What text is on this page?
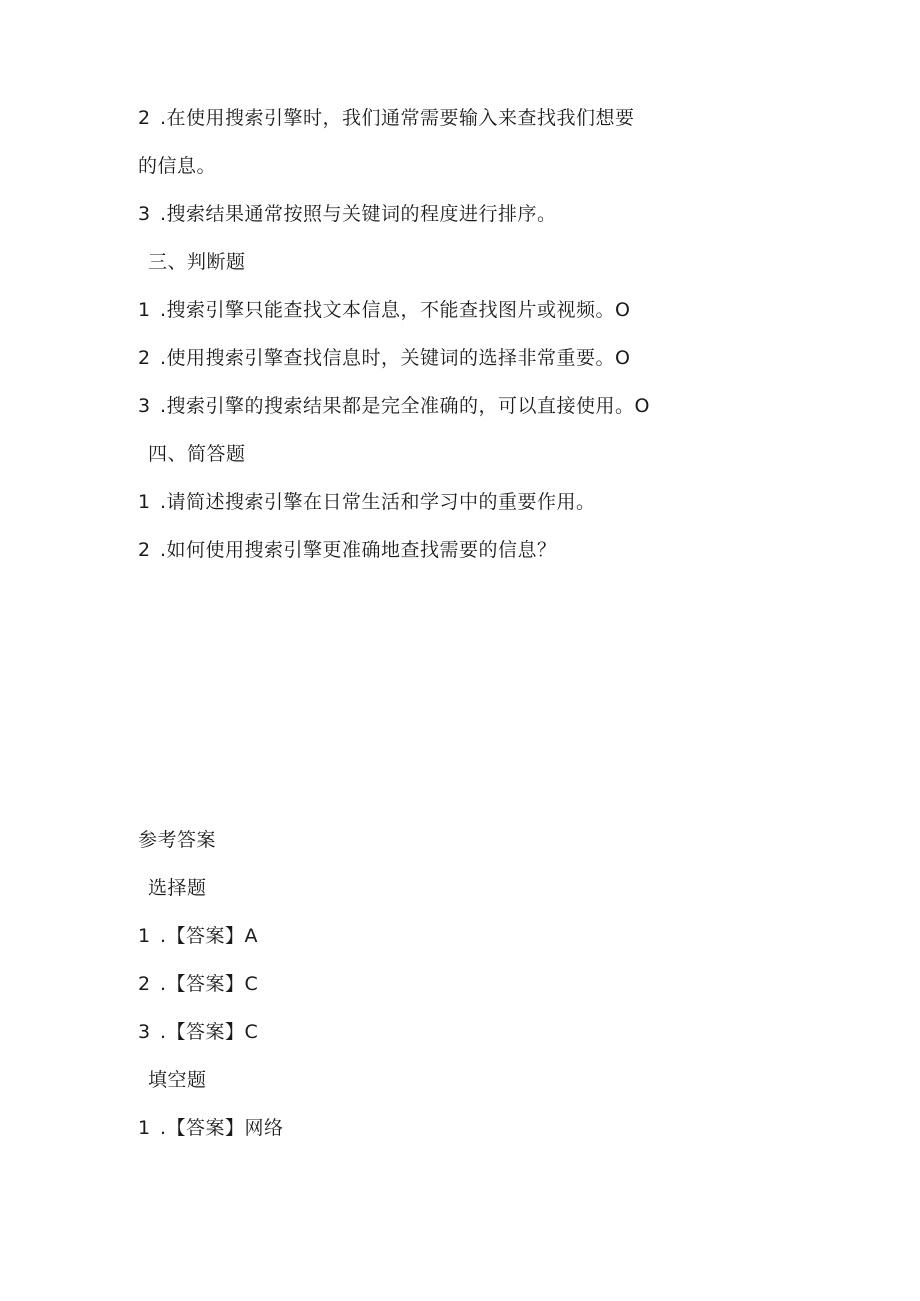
2 .在使用搜索引擎时，我们通常需要输入来查找我们想要
的信息。
3 .搜索结果通常按照与关键词的程度进行排序。
三、判断题
1 .搜索引擎只能查找文本信息，不能查找图片或视频。O
2 .使用搜索引擎查找信息时，关键词的选择非常重要。O
3 .搜索引擎的搜索结果都是完全准确的，可以直接使用。O
四、简答题
1 .请简述搜索引擎在日常生活和学习中的重要作用。
2 .如何使用搜索引擎更准确地查找需要的信息？
参考答案
选择题
1 .【答案】A
2 .【答案】C
3 .【答案】C
填空题
1 .【答案】网络
